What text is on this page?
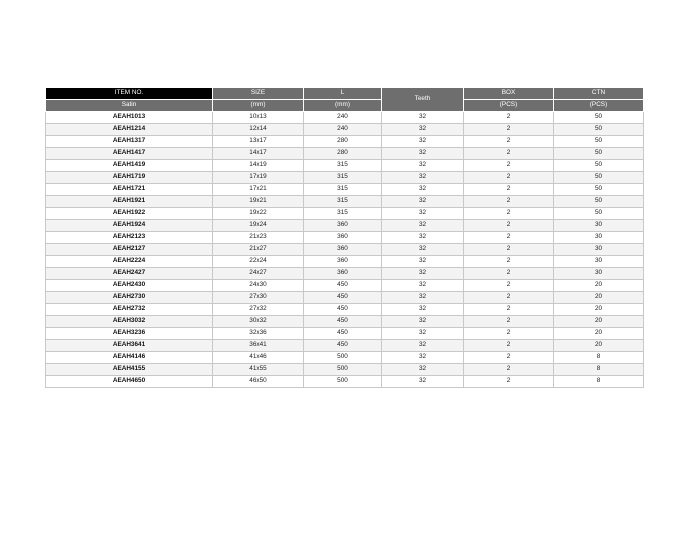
ITEM NO.	SIZE	L	Teeth	BOX	CTN
Satin	(mm)	(mm)		(PCS)	(PCS)
AEAH1013	10x13	240	32	2	50
AEAH1214	12x14	240	32	2	50
AEAH1317	13x17	280	32	2	50
AEAH1417	14x17	280	32	2	50
AEAH1419	14x19	315	32	2	50
AEAH1719	17x19	315	32	2	50
AEAH1721	17x21	315	32	2	50
AEAH1921	19x21	315	32	2	50
AEAH1922	19x22	315	32	2	50
AEAH1924	19x24	360	32	2	30
AEAH2123	21x23	360	32	2	30
AEAH2127	21x27	360	32	2	30
AEAH2224	22x24	360	32	2	30
AEAH2427	24x27	360	32	2	30
AEAH2430	24x30	450	32	2	20
AEAH2730	27x30	450	32	2	20
AEAH2732	27x32	450	32	2	20
AEAH3032	30x32	450	32	2	20
AEAH3236	32x36	450	32	2	20
AEAH3641	36x41	450	32	2	20
AEAH4146	41x46	500	32	2	8
AEAH4155	41x55	500	32	2	8
AEAH4650	46x50	500	32	2	8
